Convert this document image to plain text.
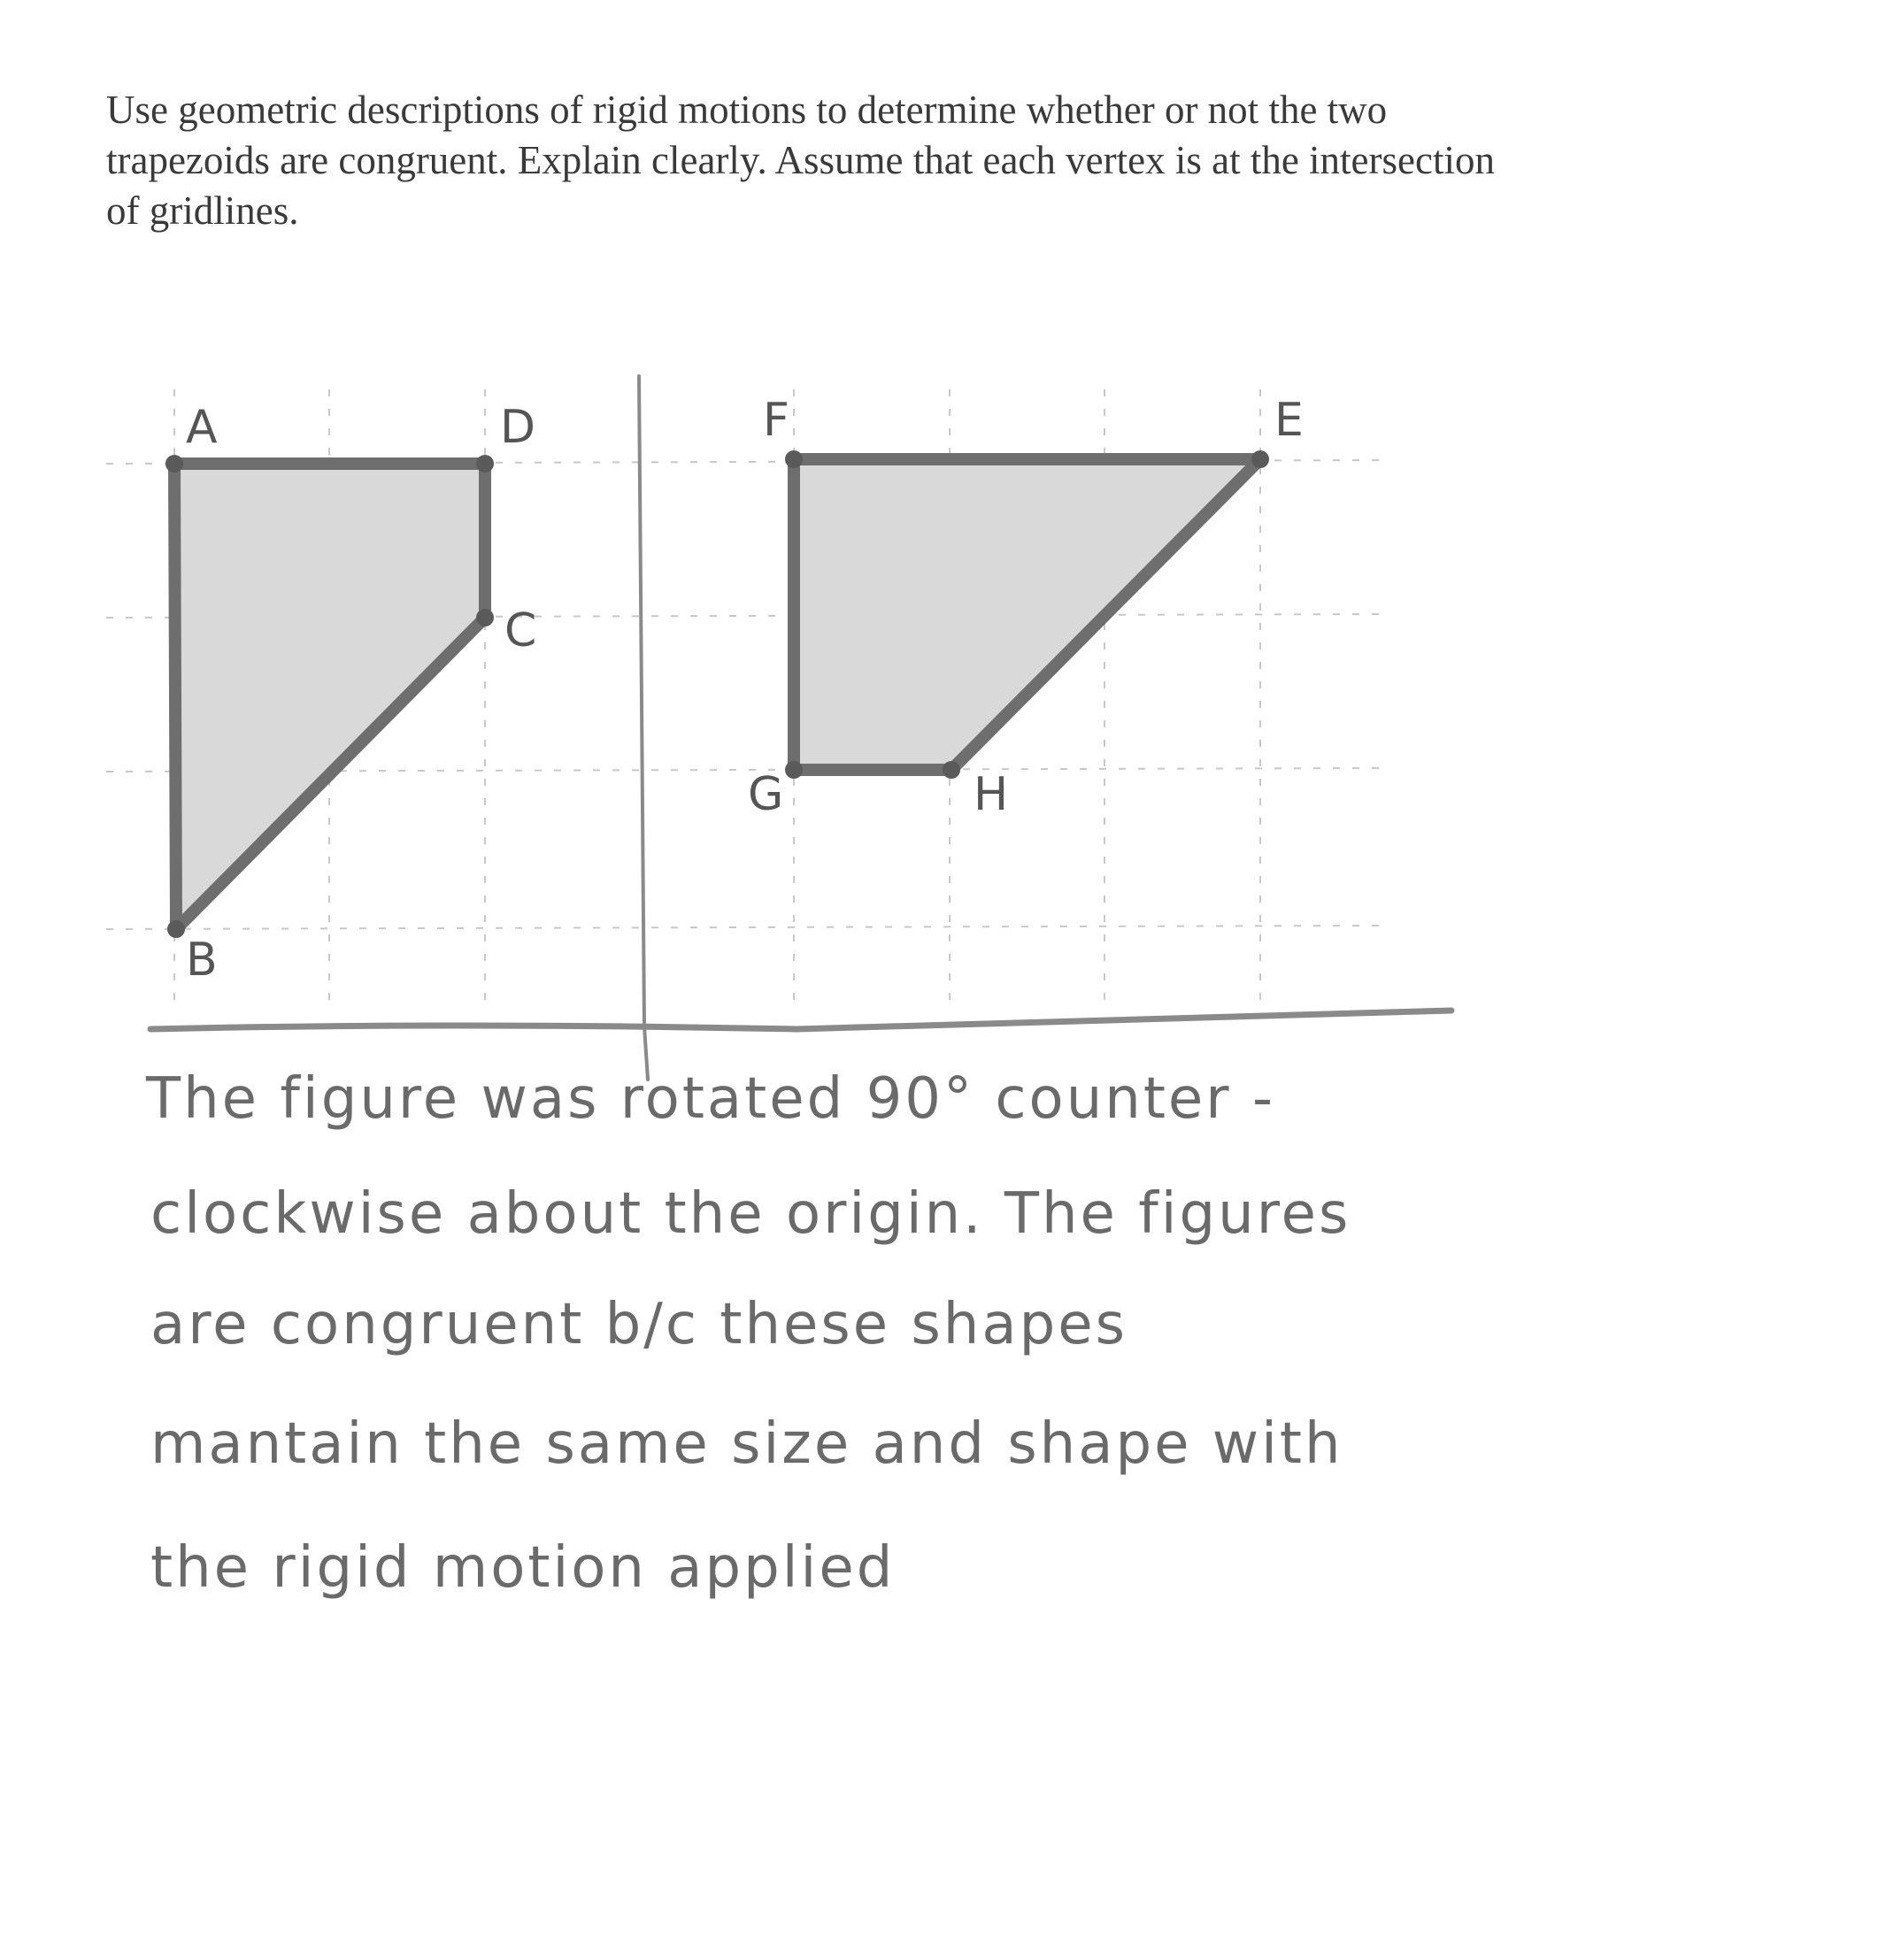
Use geometric descriptions of rigid motions to determine whether or not the two
trapezoids are congruent. Explain clearly. Assume that each vertex is at the intersection
of gridlines.
A	D
C
B
F	E
H
G
The figure was rotated 90° counter -
clockwise about the origin. The figures
are congruent b/c these shapes
mantain the same size and shape with
the rigid motion applied
